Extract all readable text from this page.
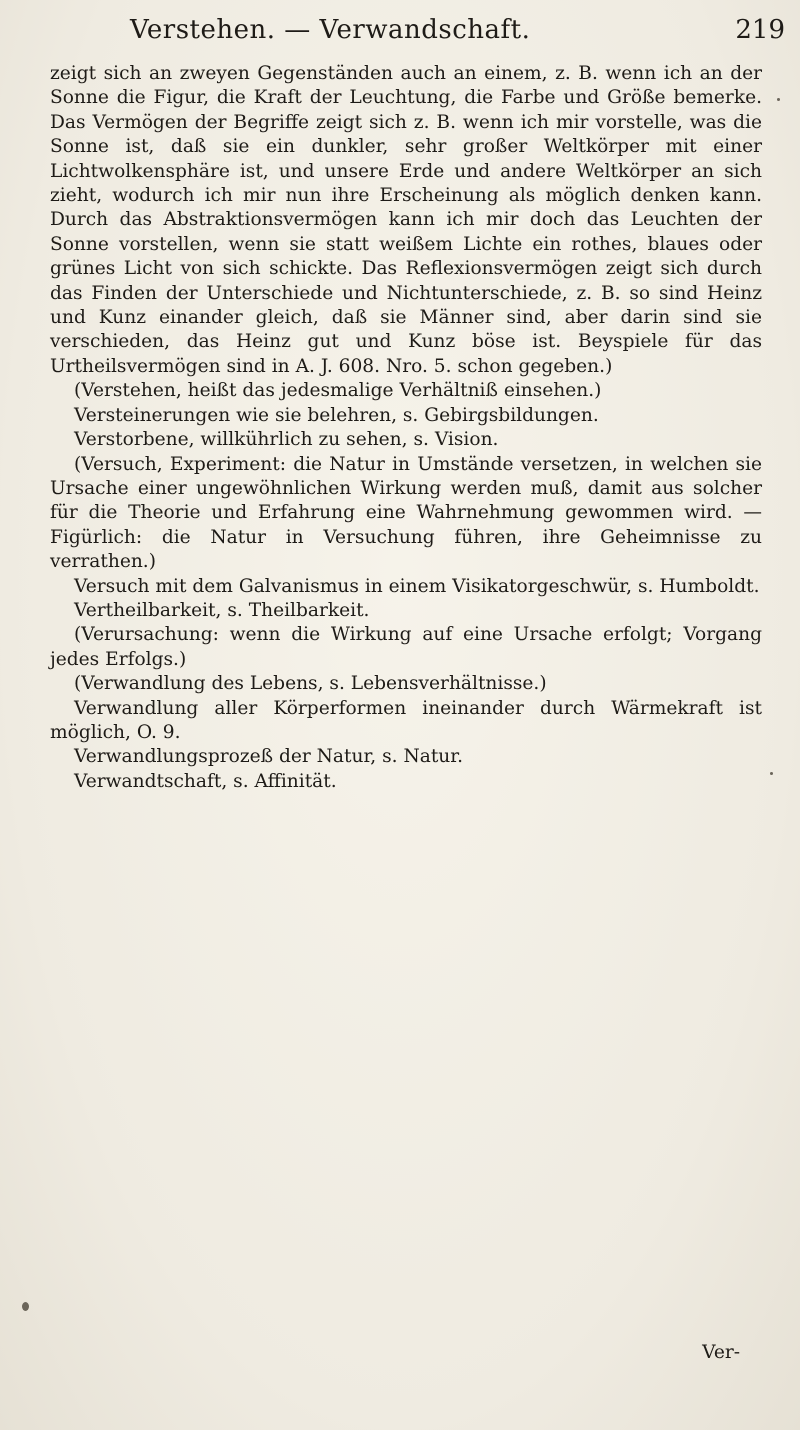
Verstehen. — Verwandschaft.	219

zeigt sich an zweyen Gegenständen auch an einem, z. B. wenn ich an der Sonne die Figur, die Kraft der Leuchtung, die Farbe und Größe bemerke. Das Vermögen der Begriffe zeigt sich z. B. wenn ich mir vorstelle, was die Sonne ist, daß sie ein dunkler, sehr großer Weltkörper mit einer Lichtwolkensphäre ist, und unsere Erde und andere Weltkörper an sich zieht, wodurch ich mir nun ihre Erscheinung als möglich denken kann. Durch das Abstraktionsvermögen kann ich mir doch das Leuchten der Sonne vorstellen, wenn sie statt weißem Lichte ein rothes, blaues oder grünes Licht von sich schickte. Das Reflexionsvermögen zeigt sich durch das Finden der Unterschiede und Nichtunterschiede, z. B. so sind Heinz und Kunz einander gleich, daß sie Männer sind, aber darin sind sie verschieden, das Heinz gut und Kunz böse ist. Beyspiele für das Urtheilsvermögen sind in A. J. 608. Nro. 5. schon gegeben.)

(Verstehen, heißt das jedesmalige Verhältniß einsehen.)

Versteinerungen wie sie belehren, s. Gebirgsbildungen.

Verstorbene, willkührlich zu sehen, s. Vision.

(Versuch, Experiment: die Natur in Umstände versetzen, in welchen sie Ursache einer ungewöhnlichen Wirkung werden muß, damit aus solcher für die Theorie und Erfahrung eine Wahrnehmung gewommen wird. — Figürlich: die Natur in Versuchung führen, ihre Geheimnisse zu verrathen.)

Versuch mit dem Galvanismus in einem Visikatorgeschwür, s. Humboldt.

Vertheilbarkeit, s. Theilbarkeit.

(Verursachung: wenn die Wirkung auf eine Ursache erfolgt; Vorgang jedes Erfolgs.)

(Verwandlung des Lebens, s. Lebensverhältnisse.)

Verwandlung aller Körperformen ineinander durch Wärmekraft ist möglich, O. 9.

Verwandlungsprozeß der Natur, s. Natur.

Verwandtschaft, s. Affinität.

Ver-
